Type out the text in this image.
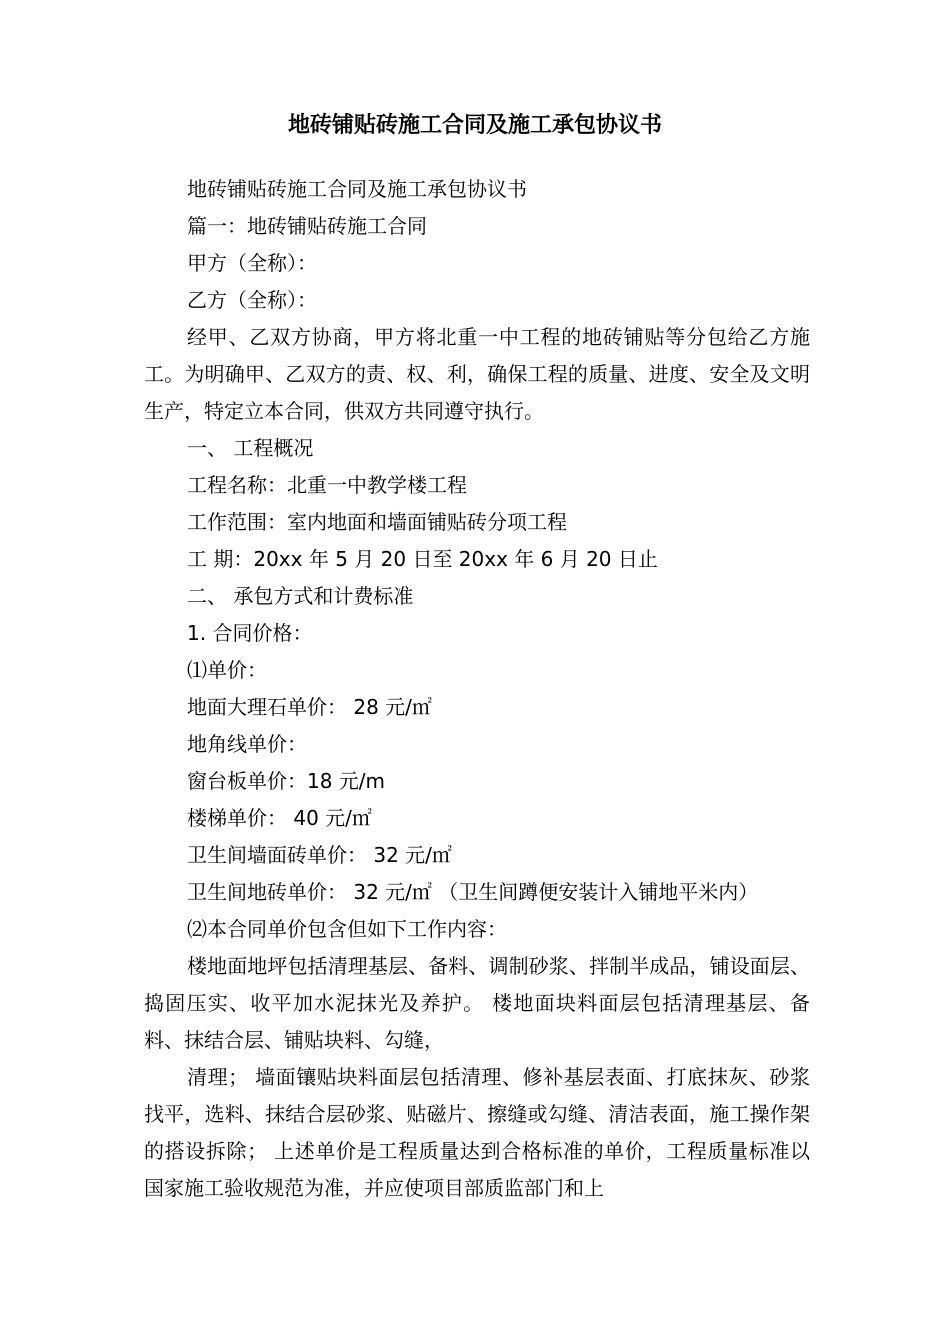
地砖铺贴砖施工合同及施工承包协议书

地砖铺贴砖施工合同及施工承包协议书

篇一：地砖铺贴砖施工合同

甲方（全称）：

乙方（全称）：

经甲、乙双方协商，甲方将北重一中工程的地砖铺贴等分包给乙方施工。为明确甲、乙双方的责、权、利，确保工程的质量、进度、安全及文明生产，特定立本合同，供双方共同遵守执行。

一、 工程概况

工程名称：北重一中教学楼工程

工作范围：室内地面和墙面铺贴砖分项工程

工 期：20xx 年 5 月 20 日至 20xx 年 6 月 20 日止

二、 承包方式和计费标准

1. 合同价格：

⑴单价：

地面大理石单价： 28 元/㎡

地角线单价：

窗台板单价：18 元/m

楼梯单价： 40 元/㎡

卫生间墙面砖单价： 32 元/㎡

卫生间地砖单价： 32 元/㎡ （卫生间蹲便安装计入铺地平米内）

⑵本合同单价包含但如下工作内容：

楼地面地坪包括清理基层、备料、调制砂浆、拌制半成品，铺设面层、捣固压实、收平加水泥抹光及养护。 楼地面块料面层包括清理基层、备料、抹结合层、铺贴块料、勾缝，

清理； 墙面镶贴块料面层包括清理、修补基层表面、打底抹灰、砂浆找平，选料、抹结合层砂浆、贴磁片、擦缝或勾缝、清洁表面，施工操作架的搭设拆除； 上述单价是工程质量达到合格标准的单价，工程质量标准以国家施工验收规范为准，并应使项目部质监部门和上
